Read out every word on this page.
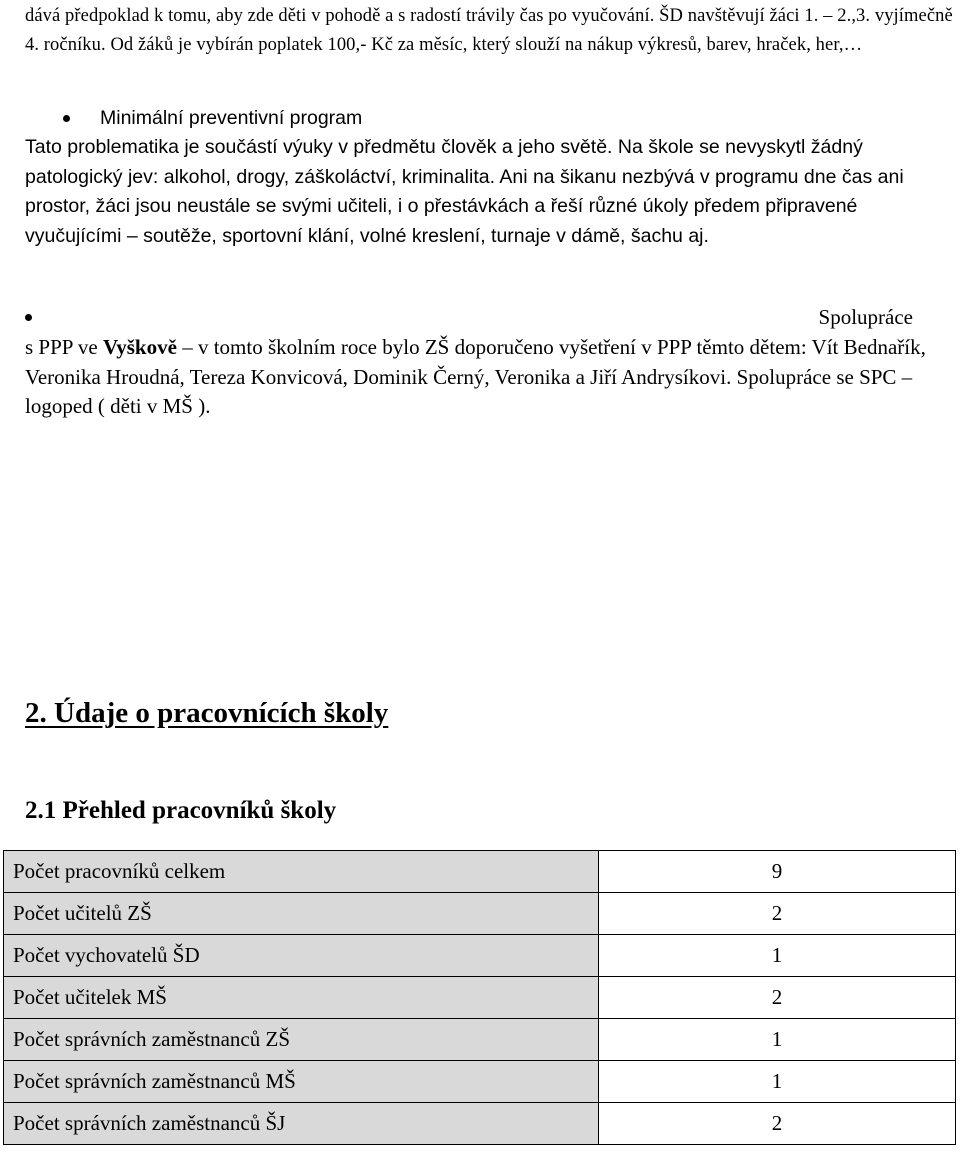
dává předpoklad k tomu, aby zde děti v pohodě a s radostí trávily čas po vyučování. ŠD navštěvují žáci 1. – 2.,3. vyjímečně 4. ročníku. Od žáků je vybírán poplatek 100,- Kč za měsíc, který slouží na nákup výkresů, barev, hraček, her,…
Minimální preventivní program
Tato problematika je součástí výuky v předmětu člověk a jeho světě. Na škole se nevyskytl žádný patologický jev: alkohol, drogy, záškoláctví, kriminalita. Ani na šikanu nezbývá v programu dne čas ani prostor, žáci jsou neustále se svými učiteli, i o přestávkách a řeší různé úkoly předem připravené vyučujícími – soutěže, sportovní klání, volné kreslení, turnaje v dámě, šachu aj.
Spolupráce
s PPP ve Vyškově – v tomto školním roce bylo ZŠ doporučeno vyšetření v PPP těmto dětem: Vít Bednařík, Veronika Hroudná, Tereza Konvicová, Dominik Černý, Veronika a Jiří Andrysíkovi. Spolupráce se SPC – logoped ( děti v MŠ ).
2. Údaje o pracovnících školy
2.1 Přehled pracovníků školy
Počet pracovníků celkem	9
Počet učitelů ZŠ	2
Počet vychovatelů ŠD	1
Počet učitelek MŠ	2
Počet správních zaměstnanců ZŠ	1
Počet správních zaměstnanců MŠ	1
Počet správních zaměstnanců ŠJ	2
